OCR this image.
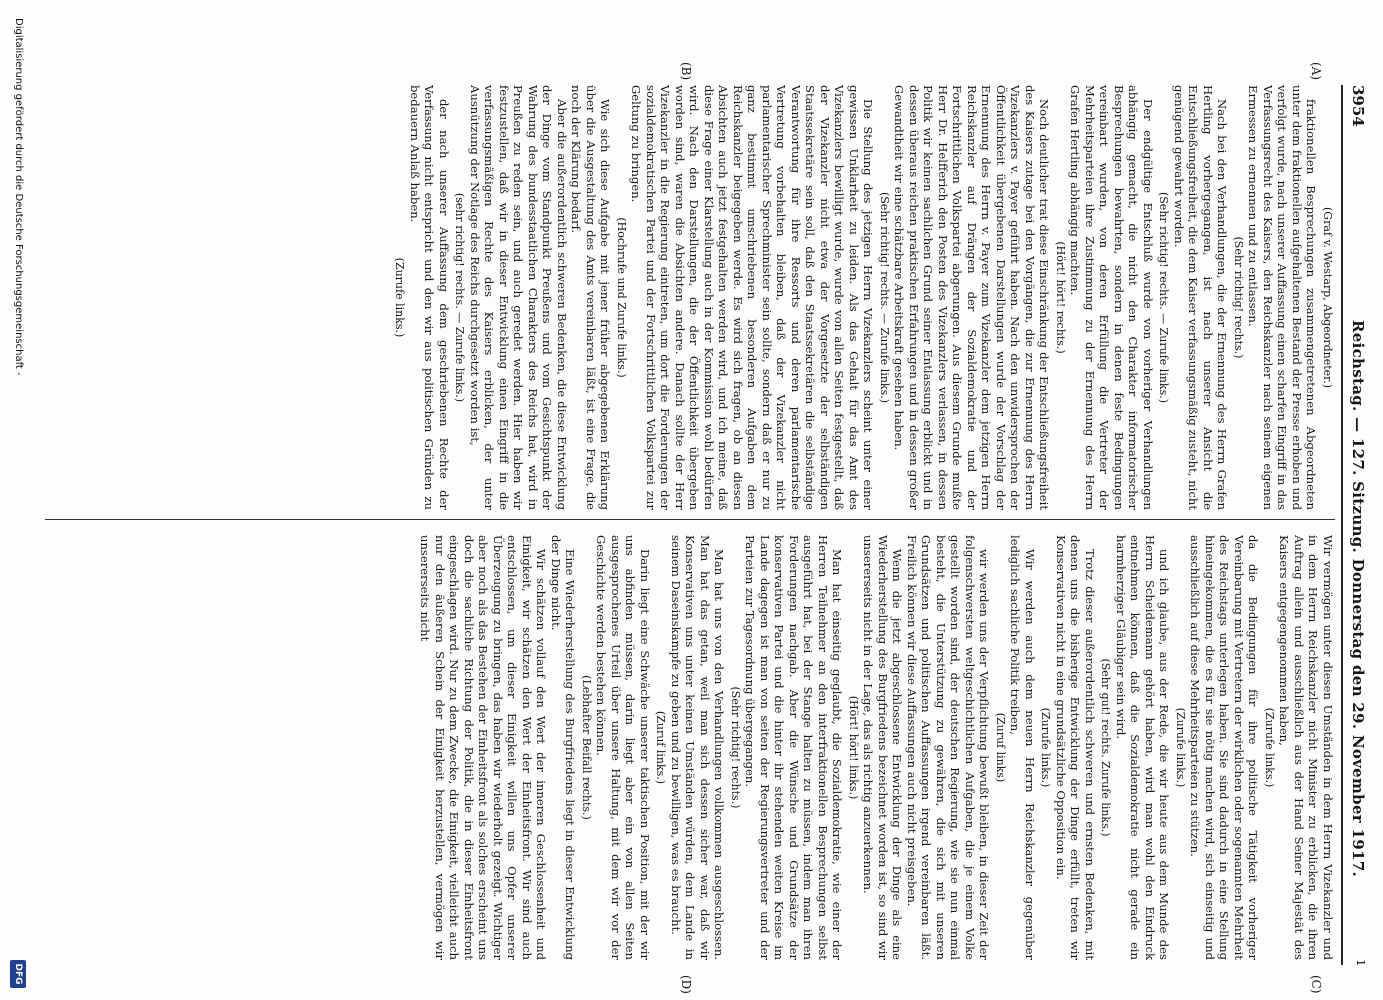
3954
Reichstag. — 127. Sitzung. Donnerstag den 29. November 1917.
ı
(Graf v. Westarp, Abgeordneter.)

fraktionellen Besprechungen zusammengetretenen Abgeordneten unter dem fraktionellen aufgehaltenen Bestand der Presse erhoben und verfolgt wurde, nach unserer Auffassung einen scharfen Eingriff in das Verfassungsrecht des Kaisers, den Reichskanzler nach seinem eigenen Ermessen zu ernennen und zu entlassen.

(Sehr richtig! rechts.)

Nach bei den Verhandlungen, die der Ernennung des Herrn Grafen Hertling vorhergegangen, ist nach unserer Ansicht die Entschließungsfreiheit, die dem Kaiser verfassungsmäßig zusteht, nicht genügend gewahrt worden.

(Sehr richtig! rechts. — Zurufe links.)

Der endgültige Entschluß wurde von vorheriger Verhandlungen abhängig gemacht, die nicht den Charakter informatorischer Besprechungen bewahrten, sondern in denen feste Bedingungen vereinbart wurden, von deren Erfüllung die Vertreter der Mehrheitsparteien ihre Zustimmung zu der Ernennung des Herrn Grafen Hertling abhängig machten.

(Hört! hört! rechts.)

Noch deutlicher trat diese Einschränkung der Entschließungsfreiheit des Kaisers zutage bei den Vorgängen, die zur Ernennung des Herrn Vizekanzlers v. Payer geführt haben. Nach den unwidersprochen der Öffentlichkeit übergebenen Darstellungen wurde der Vorschlag der Ernennung des Herrn v. Payer zum Vizekanzler dem jetzigen Herrn Reichskanzler auf Drängen der Sozialdemokratie und der Fortschrittlichen Volkspartei abgerungen. Aus diesem Grunde mußte Herr Dr. Helfferich den Posten des Vizekanzlers verlassen, in dessen Politik wir keinen sachlichen Grund seiner Entlassung erblickt und in dessen überaus reichen praktischen Erfahrungen und in dessen großer Gewandtheit wir eine schätzbare Arbeitskraft gesehen haben.

(Sehr richtig! rechts. — Zurufe links.)

Die Stellung des jetzigen Herrn Vizekanzlers scheint unter einer gewissen Unklarheit zu leiden. Als das Gehalt für das Amt des Vizekanzlers bewilligt wurde, wurde von allen Seiten festgestellt, daß der Vizekanzler nicht etwa der Vorgesetzte der selbständigen Staatssekretäre sein soll, daß den Staatssekretären die selbständige Verantwortung für ihre Ressorts und deren parlamentarische Vertretung vorbehalten bleiben, daß der Vizekanzler nicht parlamentarischer Sprechminister sein sollte, sondern daß er nur zu ganz bestimmt umschriebenen besonderen Aufgaben dem Reichskanzler beigegeben werde. Es wird sich fragen, ob an diesen Absichten auch jetzt festgehalten werden wird, und ich meine, daß diese Frage einer Klarstellung auch in der Kommission wohl bedürfen wird. Nach den Darstellungen, die der Öffentlichkeit übergeben worden sind, waren die Absichten andere. Danach sollte der Herr Vizekanzler in die Regierung eintreten, um dort die Forderungen der sozialdemokratischen Partei und der Fortschrittlichen Volkspartei zur Geltung zu bringen.

(Hochrufe und Zurufe links.)

Wie sich diese Aufgabe mit jener früher abgegebenen Erklärung über die Ausgestaltung des Amts vereinbaren läßt, ist eine Frage, die noch der Klärung bedarf.

Aber die außerordentlich schweren Bedenken, die diese Entwicklung der Dinge vom Standpunkt Preußens und vom Gesichtspunkt der Wahrung des bundesstaatlichen Charakters des Reichs hat, wird in Preußen zu reden sein, und auch geredet werden. Hier haben wir festzustellen, daß wir in dieser Entwicklung einen Eingriff in die verfassungsmäßigen Rechte des Kaisers erblicken, der unter Ausnützung der Notlage des Reichs durchgesetzt worden ist,

(sehr richtig! rechts. — Zurufe links.)

der nach unserer Auffassung dem geschriebenen Rechte der Verfassung nicht entspricht und den wir aus politischen Gründen zu bedauern Anlaß haben.

(Zurufe links.)

Wir vermögen unter diesen Umständen in dem Herrn Vizekanzler und in dem Herrn Reichskanzler nicht Minister zu erblicken, die ihren Auftrag allein und ausschließlich aus der Hand Seiner Majestät des Kaisers entgegengenommen haben,

(Zurufe links.)

da die Bedingungen für ihre politische Tätigkeit vorheriger Vereinbarung mit Vertretern der wirklichen oder sogenannten Mehrheit des Reichstags unterlegen haben. Sie sind dadurch in eine Stellung hineingekommen, die es für sie nötig machen wird, sich einseitig und ausschließlich auf diese Mehrheitsparteien zu stützen.

(Zurufe links.)

und ich glaube, aus der Rede, die wir heute aus dem Munde des Herrn Scheidemann gehört haben, wird man wohl den Eindruck entnehmen können, daß die Sozialdemokratie nicht gerade ein harmherziger Gläubiger sein wird.

(Sehr gut! rechts. Zurufe links.)

Trotz dieser außerordentlich schweren und ernsten Bedenken, mit denen uns die bisherige Entwicklung der Dinge erfüllt, treten wir Konservativen nicht in eine grundsätzliche Opposition ein.

(Zurufe links.)

Wir werden auch dem neuen Herrn Reichskanzler gegenüber lediglich sachliche Politik treiben,

(Zuruf links)

wir werden uns der Verpflichtung bewußt bleiben, in dieser Zeit der folgenschwersten weltgeschichtlichen Aufgaben, die je einem Volke gestellt worden sind, der deutschen Regierung, wie sie nun einmal besteht, die Unterstützung zu gewähren, die sich mit unseren Grundsätzen und politischen Auffassungen irgend vereinbaren läßt. Freilich können wir diese Auffassungen auch nicht preisgeben.

Wenn die jetzt abgeschlossene Entwicklung der Dinge als eine Wiederherstellung des Burgfriedens bezeichnet worden ist, so sind wir unsererseits nicht in der Lage, das als richtig anzuerkennen.

(Hört! hört! links.)

Man hat einseitig geglaubt, die Sozialdemokratie, wie einer der Herren Teilnehmer an den interfraktionellen Besprechungen selbst ausgeführt hat, bei der Stange halten zu müssen, indem man ihren Forderungen nachgab. Aber die Wünsche und Grundsätze der konservativen Partei und die hinter ihr stehenden weiten Kreise im Lande dagegen ist man von seiten der Regierungsvertreter und der Parteien zur Tagesordnung übergegangen.

(Sehr richtig! rechts.)

Man hat uns von den Verhandlungen vollkommen ausgeschlossen. Man hat das getan, weil man sich dessen sicher war, daß wir Konservativen uns unter keinen Umständen würden, dem Lande in seinem Daseinskampfe zu geben und zu bewilligen, was es braucht.

(Zuruf links.)

Darin liegt eine Schwäche unserer taktischen Position, mit der wir uns abfinden müssen, darin liegt aber ein von allen Seiten ausgesprochenes Urteil über unsere Haltung, mit dem wir vor der Geschichte werden bestehen können.

(Lebhafter Beifall rechts.)

Eine Wiederherstellung des Burgfriedens liegt in dieser Entwicklung der Dinge nicht.

Wir schätzen vollauf den Wert der inneren Geschlossenheit und Einigkeit, wir schätzen den Wert der Einheitsfront. Wir sind auch entschlossen, um dieser Einigkeit willen uns Opfer unserer Überzeugung zu bringen, das haben wir wiederholt gezeigt. Wichtiger aber noch als das Bestehen der Einheitsfront als solches erscheint uns doch die sachliche Richtung der Politik, die in dieser Einheitsfront eingeschlagen wird. Nur zu dem Zwecke, die Einigkeit, vielleicht auch nur den äußeren Schein der Einigkeit herzustellen, vermögen wir unsererseits nicht

(A)
(B)
(C)
(D)
Digitalisierung gefördert durch die Deutsche Forschungsgemeinschaft -
DFG
